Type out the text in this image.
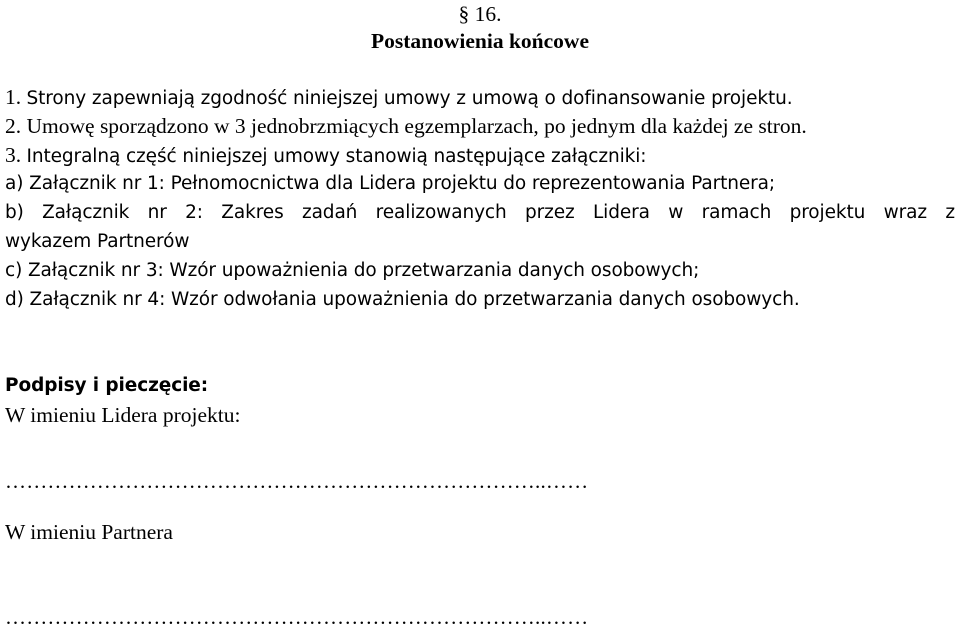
§ 16.
Postanowienia końcowe
1. Strony zapewniają zgodność niniejszej umowy z umową o dofinansowanie projektu.
2. Umowę sporządzono w 3 jednobrzmiących egzemplarzach, po jednym dla każdej ze stron.
3. Integralną część niniejszej umowy stanowią następujące załączniki:
a) Załącznik nr 1: Pełnomocnictwa dla Lidera projektu do reprezentowania Partnera;
b) Załącznik nr 2: Zakres zadań realizowanych przez Lidera w ramach projektu wraz z
wykazem Partnerów
c) Załącznik nr 3: Wzór upoważnienia do przetwarzania danych osobowych;
d) Załącznik nr 4: Wzór odwołania upoważnienia do przetwarzania danych osobowych.
Podpisy i pieczęcie:
W imieniu Lidera projektu:
…………………………………………………………………..……
W imieniu Partnera
…………………………………………………………………..……
